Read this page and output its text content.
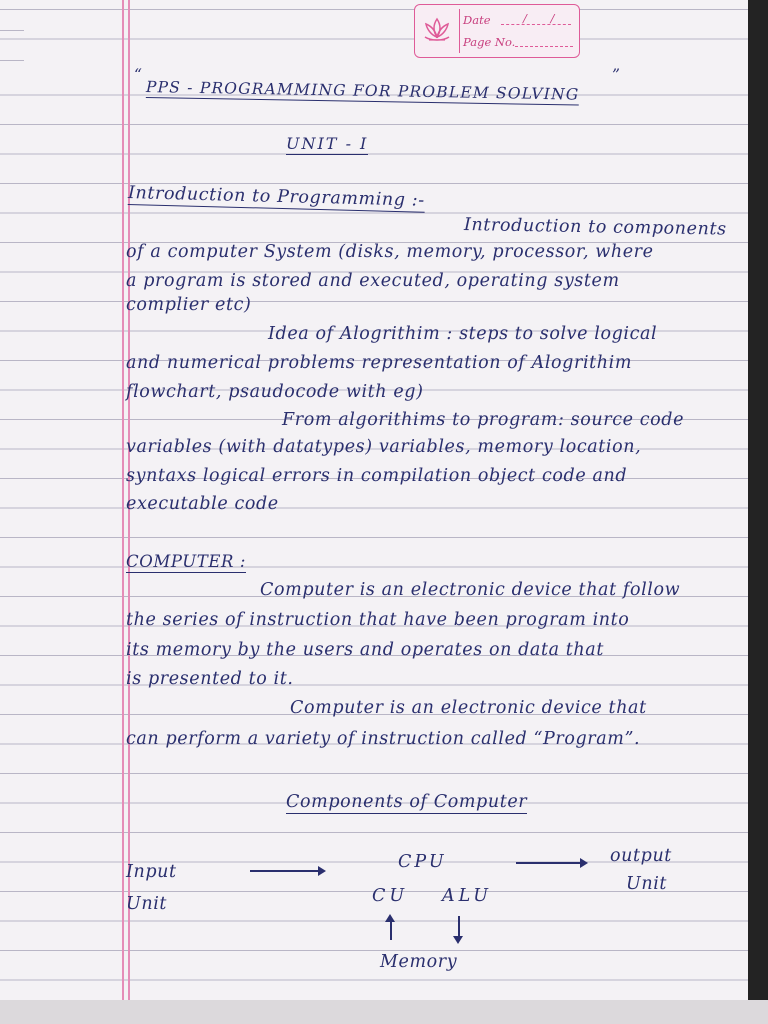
Date	/ /
Page No.
“
PPS - PROGRAMMING FOR PROBLEM SOLVING
”
UNIT - I
Introduction to Programming :-
Introduction to components
of a computer System (disks, memory, processor, where
a program is stored and executed, operating system
complier etc)
Idea of Alogrithim : steps to solve logical
and numerical problems representation of Alogrithim
flowchart, psaudocode with eg)
From algorithims to program: source code
variables (with datatypes) variables, memory location,
syntaxs logical errors in compilation object code and
executable code
COMPUTER :
Computer is an electronic device that follow
the series of instruction that have been program into
its memory by the users and operates on data that
is presented to it.
Computer is an electronic device that
can perform a variety of instruction called “Program”.
Components of Computer
Input
Unit
CPU	output
Unit
CU ALU
Memory
